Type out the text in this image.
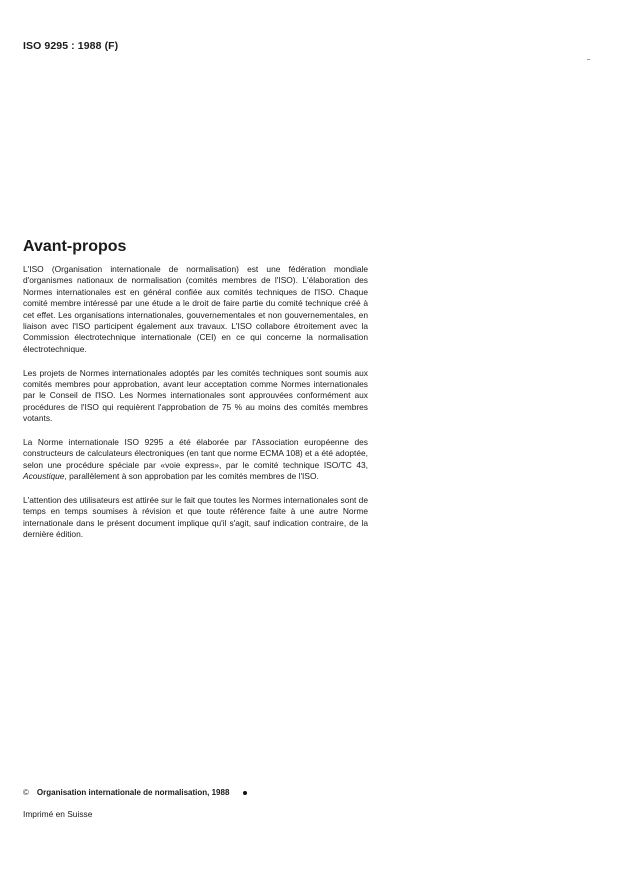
ISO 9295 : 1988 (F)
Avant-propos

L'ISO (Organisation internationale de normalisation) est une fédération mondiale d'organismes nationaux de normalisation (comités membres de l'ISO). L'élaboration des Normes internationales est en général confiée aux comités techniques de l'ISO. Chaque comité membre intéressé par une étude a le droit de faire partie du comité technique créé à cet effet. Les organisations internationales, gouvernementales et non gouvernementales, en liaison avec l'ISO participent également aux travaux. L'ISO collabore étroitement avec la Commission électrotechnique internationale (CEI) en ce qui concerne la normalisation électrotechnique.

Les projets de Normes internationales adoptés par les comités techniques sont soumis aux comités membres pour approbation, avant leur acceptation comme Normes internationales par le Conseil de l'ISO. Les Normes internationales sont approuvées conformément aux procédures de l'ISO qui requièrent l'approbation de 75 % au moins des comités membres votants.

La Norme internationale ISO 9295 a été élaborée par l'Association européenne des constructeurs de calculateurs électroniques (en tant que norme ECMA 108) et a été adoptée, selon une procédure spéciale par «voie express», par le comité technique ISO/TC 43, Acoustique, parallèlement à son approbation par les comités membres de l'ISO.

L'attention des utilisateurs est attirée sur le fait que toutes les Normes internationales sont de temps en temps soumises à révision et que toute référence faite à une autre Norme internationale dans le présent document implique qu'il s'agit, sauf indication contraire, de la dernière édition.

© Organisation internationale de normalisation, 1988
Imprimé en Suisse
